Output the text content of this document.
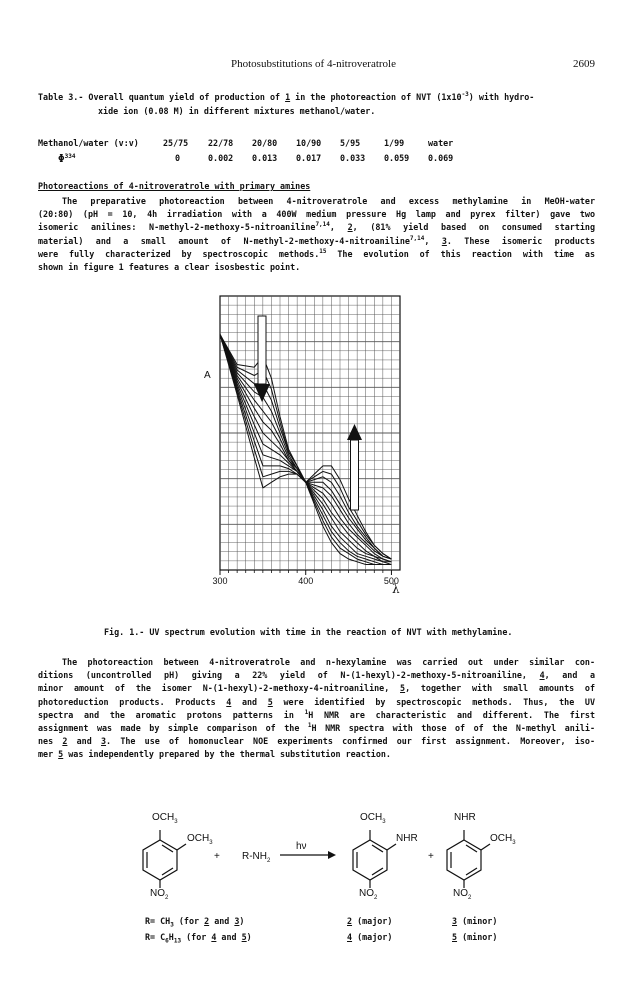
Photosubstitutions of 4-nitroveratrole	2609
Table 3.- Overall quantum yield of production of 1 in the photoreaction of NVT $(1x10^{-3})$ with hydro-
xide ion (0.08 M) in different mixtures methanol/water.
Methanol/water (v:v)	25/75	22/78	20/80	10/90	5/95	1/99	water
$\Phi^{334}$	0	0.002	0.013	0.017	0.033	0.059	0.069
Photoreactions of 4-nitroveratrole with primary amines
The preparative photoreaction between 4-nitroveratrole and excess methylamine in MeOH-water
(20:80) (pH = 10, 4h irradiation with a 400W medium pressure Hg lamp and pyrex filter) gave two
isomeric anilines: N-methyl-2-methoxy-5-nitroaniline$^{7,14}$, 2, (81% yield based on consumed starting
material) and a small amount of N-methyl-2-methoxy-4-nitroaniline$^{7,14}$, 3. These isomeric products
were fully characterized by spectroscopic methods.$^{15}$ The evolution of this reaction with time as
shown in figure 1 features a clear isosbestic point.
300	400	500
A
λ
Fig. 1.- UV spectrum evolution with time in the reaction of NVT with methylamine.
The photoreaction between 4-nitroveratrole and n-hexylamine was carried out under similar con-
ditions (uncontrolled pH) giving a 22% yield of N-(1-hexyl)-2-methoxy-5-nitroaniline, 4, and a
minor amount of the isomer N-(1-hexyl)-2-methoxy-4-nitroaniline, 5, together with small amounts of
photoreduction products. Products 4 and 5 were identified by spectroscopic methods. Thus, the UV
spectra and the aromatic protons patterns in $^1$H NMR are characteristic and different. The first
assignment was made by simple comparison of the $^1$H NMR spectra with those of of the N-methyl anili-
nes 2 and 3. The use of homonuclear NOE experiments confirmed our first assignment. Moreover, iso-
mer 5 was independently prepared by the thermal substitution reaction.
$OCH_3$
$OCH_3$
$NO_2$
+ $R-NH_2$
hν
$OCH_3$
NHR
$NO_2$
+
NHR
$OCH_3$
$NO_2$
$R= CH_3$ (for 2 and 3)
$R= C_6H_{13}$ (for 4 and 5)
2 (major)
4 (major)
3 (minor)
5 (minor)
